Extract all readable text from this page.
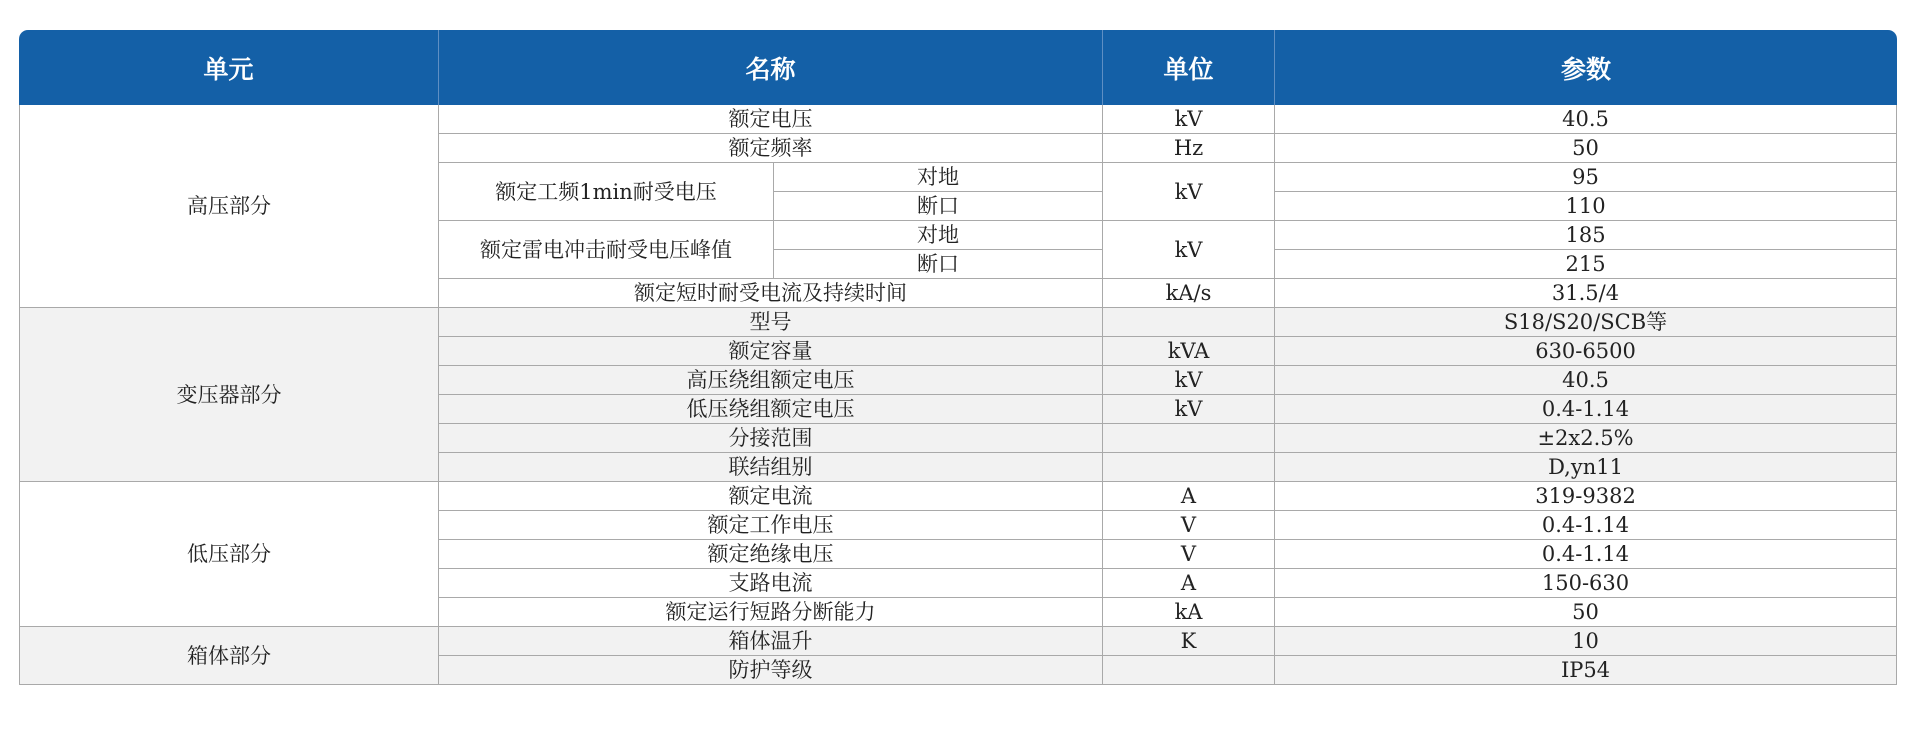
单元	名称		单位	参数
高压部分	额定电压		kV	40.5
	额定频率		Hz	50
	额定工频1min耐受电压	对地	kV	95
		断口		110
	额定雷电冲击耐受电压峰值	对地	kV	185
		断口		215
	额定短时耐受电流及持续时间		kA/s	31.5/4
变压器部分	型号			S18/S20/SCB等
	额定容量		kVA	630-6500
	高压绕组额定电压		kV	40.5
	低压绕组额定电压		kV	0.4-1.14
	分接范围			±2x2.5%
	联结组别			D,yn11
低压部分	额定电流		A	319-9382
	额定工作电压		V	0.4-1.14
	额定绝缘电压		V	0.4-1.14
	支路电流		A	150-630
	额定运行短路分断能力		kA	50
箱体部分	箱体温升		K	10
	防护等级			IP54
